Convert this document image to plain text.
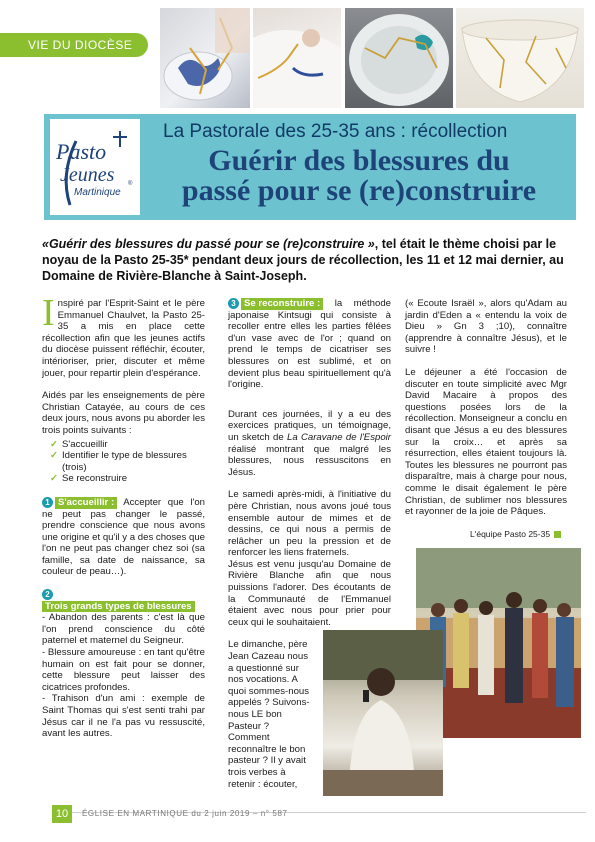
VIE DU DIOCÈSE
Pasto
Jeunes
Martinique
®
La Pastorale des 25-35 ans : récollection
Guérir des blessures du
passé pour se (re)construire
«Guérir des blessures du passé pour se (re)construire », tel était le thème choisi par le noyau de la Pasto 25-35* pendant deux jours de récollection, les 11 et 12 mai dernier, au Domaine de Rivière-Blanche à Saint-Joseph.

Inspiré par l'Esprit-Saint et le père Emmanuel Chaulvet, la Pasto 25-35 a mis en place cette récollection afin que les jeunes actifs du diocèse puissent réfléchir, écouter, intérioriser, prier, discuter et même jouer, pour repartir plein d'espérance.

Aidés par les enseignements de père Christian Catayée, au cours de ces deux jours, nous avons pu aborder les trois points suivants :

✓ S'accueillir
✓ Identifier le type de blessures (trois)
✓ Se reconstruire

1 S'accueillir : Accepter que l'on ne peut pas changer le passé, prendre conscience que nous avons une origine et qu'il y a des choses que l'on ne peut pas changer chez soi (sa famille, sa date de naissance, sa couleur de peau…).

2Trois grands types de blessures

- Abandon des parents : c'est là que l'on prend conscience du côté paternel et maternel du Seigneur.

- Blessure amoureuse : en tant qu'être humain on est fait pour se donner, cette blessure peut laisser des cicatrices profondes.

- Trahison d'un ami : exemple de Saint Thomas qui s'est senti trahi par Jésus car il ne l'a pas vu ressuscité, avant les autres.

3 Se reconstruire : la méthode japonaise Kintsugi qui consiste à recoller entre elles les parties fêlées d'un vase avec de l'or ; quand on prend le temps de cicatriser ses blessures on est sublimé, et on devient plus beau spirituellement qu'à l'origine.

Durant ces journées, il y a eu des exercices pratiques, un témoignage, un sketch de La Caravane de l'Espoir réalisé montrant que malgré les blessures, nous ressuscitons en Jésus.

Le samedi après-midi, à l'initiative du père Christian, nous avons joué tous ensemble autour de mimes et de dessins, ce qui nous a permis de relâcher un peu la pression et de renforcer les liens fraternels.

Jésus est venu jusqu'au Domaine de Rivière Blanche afin que nous puissions l'adorer. Des écoutants de la Communauté de l'Emmanuel étaient avec nous pour prier pour ceux qui le souhaitaient.

Le dimanche, père Jean Cazeau nous a questionné sur nos vocations. A quoi sommes-nous appelés ? Suivons-nous LE bon Pasteur ? Comment reconnaître le bon pasteur ? Il y avait trois verbes à retenir : écouter,

(« Ecoute Israël », alors qu'Adam au jardin d'Eden a « entendu la voix de Dieu » Gn 3 ;10), connaître (apprendre à connaître Jésus), et le suivre !

Le déjeuner a été l'occasion de discuter en toute simplicité avec Mgr David Macaire à propos des questions posées lors de la récollection. Monseigneur a conclu en disant que Jésus a eu des blessures sur la croix… et après sa résurrection, elles étaient toujours là. Toutes les blessures ne pourront pas disparaître, mais à charge pour nous, comme le disait également le père Christian, de sublimer nos blessures et rayonner de la joie de Pâques.

L'équipe Pasto 25-35
10	ÉGLISE EN MARTINIQUE du 2 juin 2019 – n° 587
